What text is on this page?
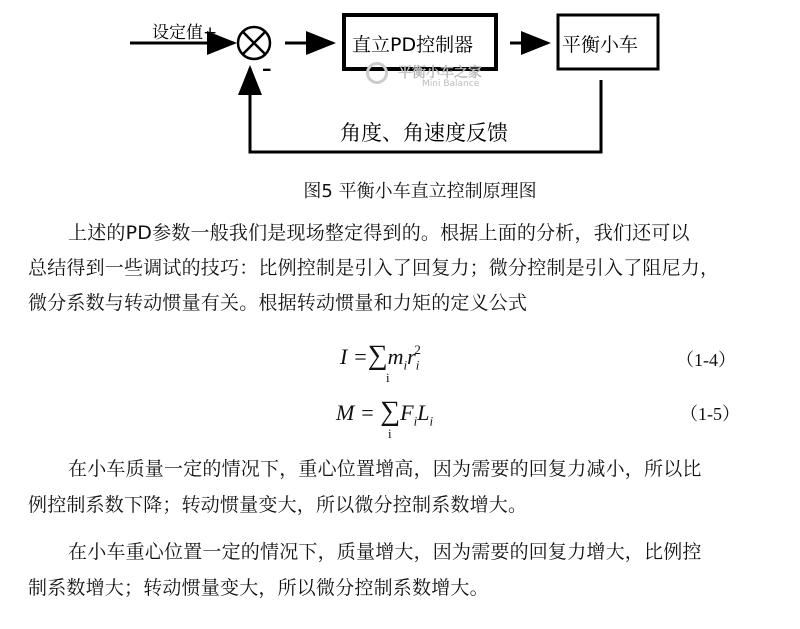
设定值+
–
直立PD控制器	平衡小车
角度、角速度反馈
平衡小车之家
Mini Balance
图5 平衡小车直立控制原理图
上述的PD参数一般我们是现场整定得到的。根据上面的分析，我们还可以
总结得到一些调试的技巧：比例控制是引入了回复力；微分控制是引入了阻尼力，
微分系数与转动惯量有关。根据转动惯量和力矩的定义公式
$I =\sum m_ir_i^2$
i
（1-4）
$M = \sum F_iL_i$
i
（1-5）
在小车质量一定的情况下，重心位置增高，因为需要的回复力减小，所以比
例控制系数下降；转动惯量变大，所以微分控制系数增大。
在小车重心位置一定的情况下，质量增大，因为需要的回复力增大，比例控
制系数增大；转动惯量变大，所以微分控制系数增大。
